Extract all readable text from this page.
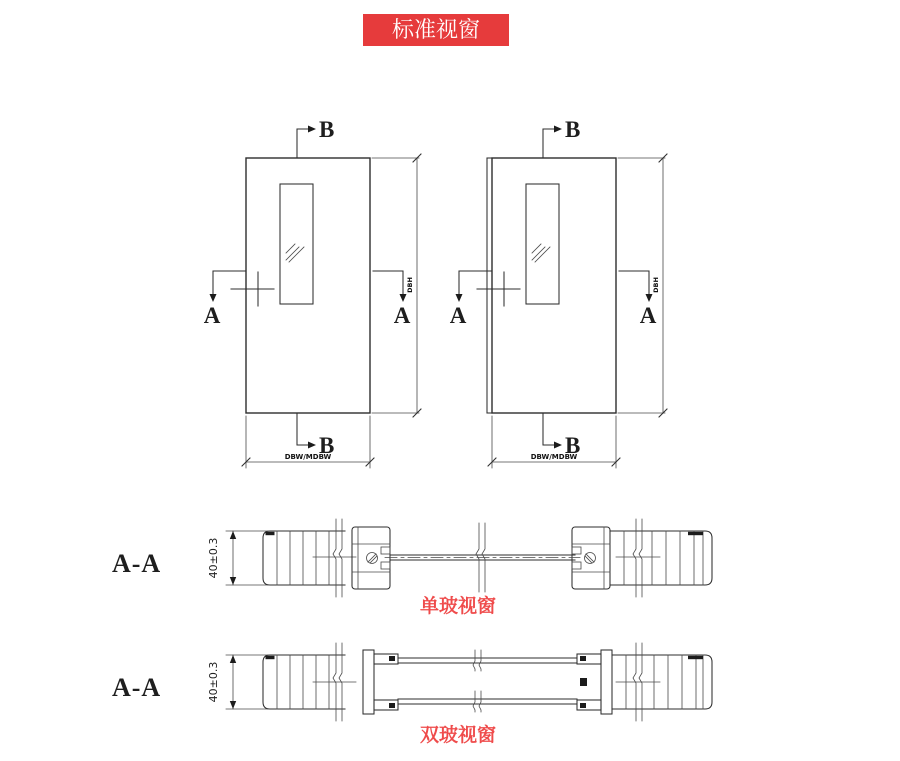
标准视窗
A-A	40±0.3
单玻视窗
A-A	40±0.3
双玻视窗
